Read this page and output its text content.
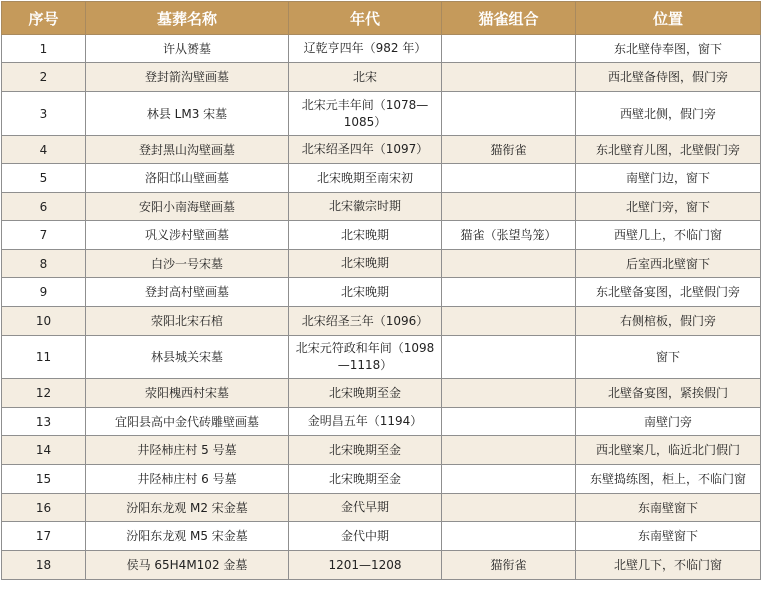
序号	墓葬名称	年代	猫雀组合	位置
1	许从赟墓	辽乾亨四年（982 年）		东北壁侍奉图，窗下
2	登封箭沟壁画墓	北宋		西北壁备侍图，假门旁
3	林县 LM3 宋墓	北宋元丰年间（1078—1085）		西壁北侧，假门旁
4	登封黑山沟壁画墓	北宋绍圣四年（1097）	猫衔雀	东北壁育儿图，北壁假门旁
5	洛阳邙山壁画墓	北宋晚期至南宋初		南壁门边，窗下
6	安阳小南海壁画墓	北宋徽宗时期		北壁门旁，窗下
7	巩义涉村壁画墓	北宋晚期	猫雀（张望鸟笼）	西壁几上，不临门窗
8	白沙一号宋墓	北宋晚期		后室西北壁窗下
9	登封高村壁画墓	北宋晚期		东北壁备宴图，北壁假门旁
10	荥阳北宋石棺	北宋绍圣三年（1096）		右侧棺板，假门旁
11	林县城关宋墓	北宋元符政和年间（1098—1118）		窗下
12	荥阳槐西村宋墓	北宋晚期至金		北壁备宴图，紧挨假门
13	宜阳县高中金代砖雕壁画墓	金明昌五年（1194）		南壁门旁
14	井陉柿庄村 5 号墓	北宋晚期至金		西北壁案几，临近北门假门
15	井陉柿庄村 6 号墓	北宋晚期至金		东壁捣练图，柜上，不临门窗
16	汾阳东龙观 M2 宋金墓	金代早期		东南壁窗下
17	汾阳东龙观 M5 宋金墓	金代中期		东南壁窗下
18	侯马 65H4M102 金墓	1201—1208	猫衔雀	北壁几下，不临门窗
